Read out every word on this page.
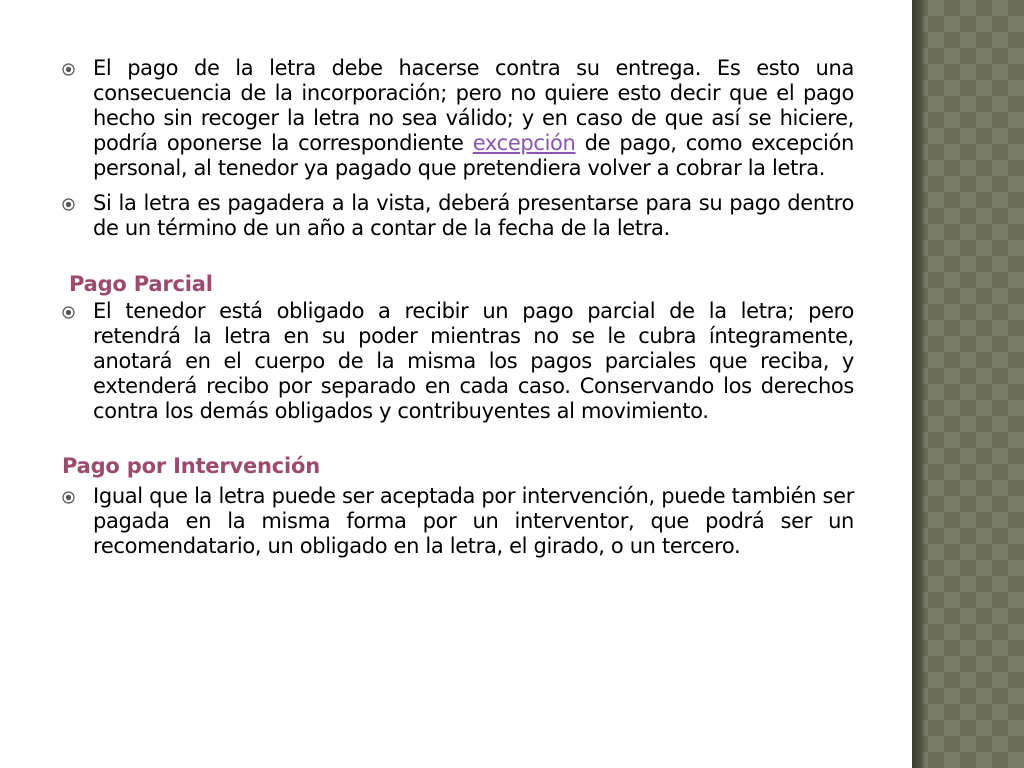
El pago de la letra debe hacerse contra su entrega. Es esto una consecuencia de la incorporación; pero no quiere esto decir que el pago hecho sin recoger la letra no sea válido; y en caso de que así se hiciere, podría oponerse la correspondiente excepción de pago, como excepción personal, al tenedor ya pagado que pretendiera volver a cobrar la letra.
Si la letra es pagadera a la vista, deberá presentarse para su pago dentro de un término de un año a contar de la fecha de la letra.
Pago Parcial
El tenedor está obligado a recibir un pago parcial de la letra; pero retendrá la letra en su poder mientras no se le cubra íntegramente, anotará en el cuerpo de la misma los pagos parciales que reciba, y extenderá recibo por separado en cada caso. Conservando los derechos contra los demás obligados y contribuyentes al movimiento.
Pago por Intervención
Igual que la letra puede ser aceptada por intervención, puede también ser pagada en la misma forma por un interventor, que podrá ser un recomendatario, un obligado en la letra, el girado, o un tercero.
